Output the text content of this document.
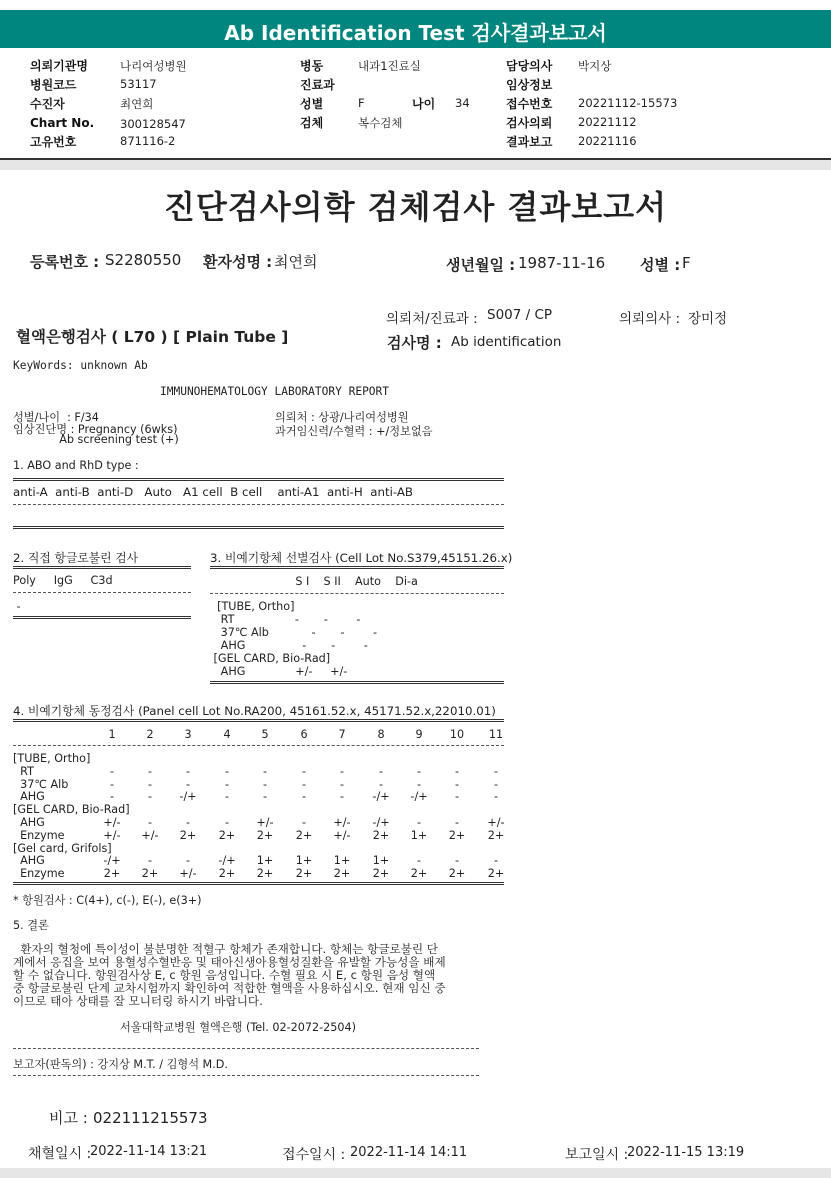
Ab Identification Test 검사결과보고서
의뢰기관명	나리여성병원
병원코드	53117
수진자	최연희
Chart No. 300128547
고유번호	871116-2
병동	내과1진료실
진료과
성별	F	나이 34
검체	복수검체
담당의사 박지상
임상정보
접수번호 20221112-15573
검사의뢰 20221112
결과보고 20221116
진단검사의학 검체검사 결과보고서
등록번호 : S2280550 환자성명 : 최연희	생년월일 : 1987-11-16 성별 : F
의뢰처/진료과 : S007 / CP	의뢰의사 : 장미정
혈액은행검사 ( L70 ) [ Plain Tube ]	검사명 : Ab identification
KeyWords: unknown Ab
IMMUNOHEMATOLOGY LABORATORY REPORT
성별/나이  : F/34
임상진단명 : Pregnancy (6wks)
Ab screening test (+)
의뢰처 : 상광/나리여성병원
과거임신력/수혈력 : +/정보없음
1. ABO and RhD type :
anti-A  anti-B  anti-D   Auto   A1 cell  B cell    anti-A1  anti-H  anti-AB
2. 직접 항글로불린 검사
Poly     IgG     C3d
-
3. 비예기항체 선별검사 (Cell Lot No.S379,45151.26.x)
S I    S II    Auto    Di-a
[TUBE, Ortho]
RT                 -       -        -
37℃ Alb            -       -        -
AHG                -       -        -
[GEL CARD, Bio-Rad]
AHG              +/-     +/-
4. 비예기항체 동정검사 (Panel cell Lot No.RA200, 45161.52.x, 45171.52.x,22010.01)
1	2	3	4	5	6	7	8	9	10	11
[TUBE, Ortho]
RT	-	-	-	-	-	-	-	-	-	-	-
37℃ Alb	-	-	-	-	-	-	-	-	-	-	-
AHG	-	-	-/+	-	-	-	-	-/+	-/+	-	-
[GEL CARD, Bio-Rad]
AHG	+/-	-	-	-	+/-	-	+/-	-/+	-	-	+/-
Enzyme	+/-	+/-	2+	2+	2+	2+	+/-	2+	1+	2+	2+
[Gel card, Grifols]
AHG	-/+	-	-	-/+	1+	1+	1+	1+	-	-	-
Enzyme	2+	2+	+/-	2+	2+	2+	2+	2+	2+	2+	2+
* 항원검사 : C(4+), c(-), E(-), e(3+)
5. 결론
환자의 혈청에 특이성이 불분명한 적혈구 항체가 존재합니다. 항체는 항글로불린 단
계에서 응집을 보여 용혈성수혈반응 및 태아신생아용혈성질환을 유발할 가능성을 배제
할 수 없습니다. 항원검사상 E, c 항원 음성입니다. 수혈 필요 시 E, c 항원 음성 혈액
중 항글로불린 단계 교차시험까지 확인하여 적합한 혈액을 사용하십시오. 현재 임신 중
이므로 태아 상태를 잘 모니터링 하시기 바랍니다.
서울대학교병원 혈액은행 (Tel. 02-2072-2504)
보고자(판독의) : 강지상 M.T. / 김형석 M.D.
비고 : 022111215573
채혈일시 :
2022-11-14 13:21	접수일시 : 2022-11-14 14:11	보고일시 :
2022-11-15 13:19
